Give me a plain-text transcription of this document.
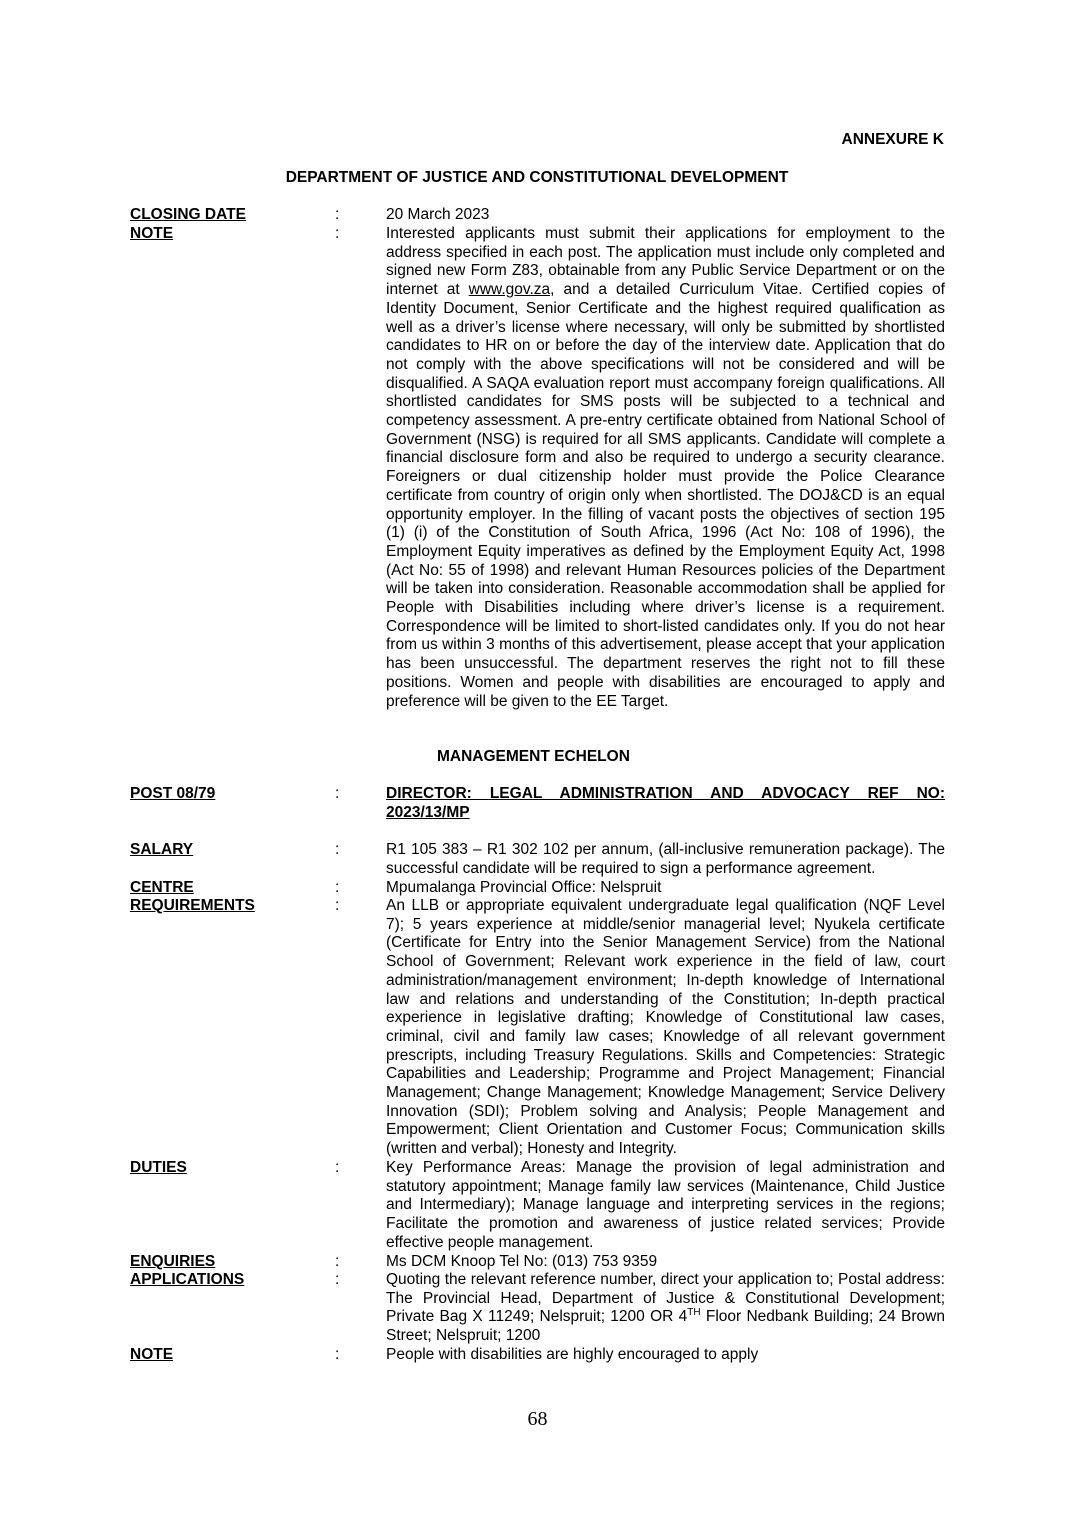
ANNEXURE K
DEPARTMENT OF JUSTICE AND CONSTITUTIONAL DEVELOPMENT
CLOSING DATE	:	20 March 2023
NOTE	:	Interested applicants must submit their applications for employment to the address specified in each post. The application must include only completed and signed new Form Z83, obtainable from any Public Service Department or on the internet at www.gov.za, and a detailed Curriculum Vitae. Certified copies of Identity Document, Senior Certificate and the highest required qualification as well as a driver’s license where necessary, will only be submitted by shortlisted candidates to HR on or before the day of the interview date. Application that do not comply with the above specifications will not be considered and will be disqualified. A SAQA evaluation report must accompany foreign qualifications. All shortlisted candidates for SMS posts will be subjected to a technical and competency assessment. A pre-entry certificate obtained from National School of Government (NSG) is required for all SMS applicants. Candidate will complete a financial disclosure form and also be required to undergo a security clearance. Foreigners or dual citizenship holder must provide the Police Clearance certificate from country of origin only when shortlisted. The DOJ&CD is an equal opportunity employer. In the filling of vacant posts the objectives of section 195 (1) (i) of the Constitution of South Africa, 1996 (Act No: 108 of 1996), the Employment Equity imperatives as defined by the Employment Equity Act, 1998 (Act No: 55 of 1998) and relevant Human Resources policies of the Department will be taken into consideration. Reasonable accommodation shall be applied for People with Disabilities including where driver’s license is a requirement. Correspondence will be limited to short-listed candidates only. If you do not hear from us within 3 months of this advertisement, please accept that your application has been unsuccessful. The department reserves the right not to fill these positions. Women and people with disabilities are encouraged to apply and preference will be given to the EE Target.
MANAGEMENT ECHELON
POST 08/79	:	DIRECTOR: LEGAL ADMINISTRATION AND ADVOCACY REF NO: 2023/13/MP
SALARY	:	R1 105 383 – R1 302 102 per annum, (all-inclusive remuneration package). The successful candidate will be required to sign a performance agreement.
CENTRE	:	Mpumalanga Provincial Office: Nelspruit
REQUIREMENTS	:	An LLB or appropriate equivalent undergraduate legal qualification (NQF Level 7); 5 years experience at middle/senior managerial level; Nyukela certificate (Certificate for Entry into the Senior Management Service) from the National School of Government; Relevant work experience in the field of law, court administration/management environment; In-depth knowledge of International law and relations and understanding of the Constitution; In-depth practical experience in legislative drafting; Knowledge of Constitutional law cases, criminal, civil and family law cases; Knowledge of all relevant government prescripts, including Treasury Regulations. Skills and Competencies: Strategic Capabilities and Leadership; Programme and Project Management; Financial Management; Change Management; Knowledge Management; Service Delivery Innovation (SDI); Problem solving and Analysis; People Management and Empowerment; Client Orientation and Customer Focus; Communication skills (written and verbal); Honesty and Integrity.
DUTIES	:	Key Performance Areas: Manage the provision of legal administration and statutory appointment; Manage family law services (Maintenance, Child Justice and Intermediary); Manage language and interpreting services in the regions; Facilitate the promotion and awareness of justice related services; Provide effective people management.
ENQUIRIES	:	Ms DCM Knoop Tel No: (013) 753 9359
APPLICATIONS	:	Quoting the relevant reference number, direct your application to; Postal address: The Provincial Head, Department of Justice & Constitutional Development; Private Bag X 11249; Nelspruit; 1200 OR 4TH Floor Nedbank Building; 24 Brown Street; Nelspruit; 1200
NOTE	:	People with disabilities are highly encouraged to apply
68
